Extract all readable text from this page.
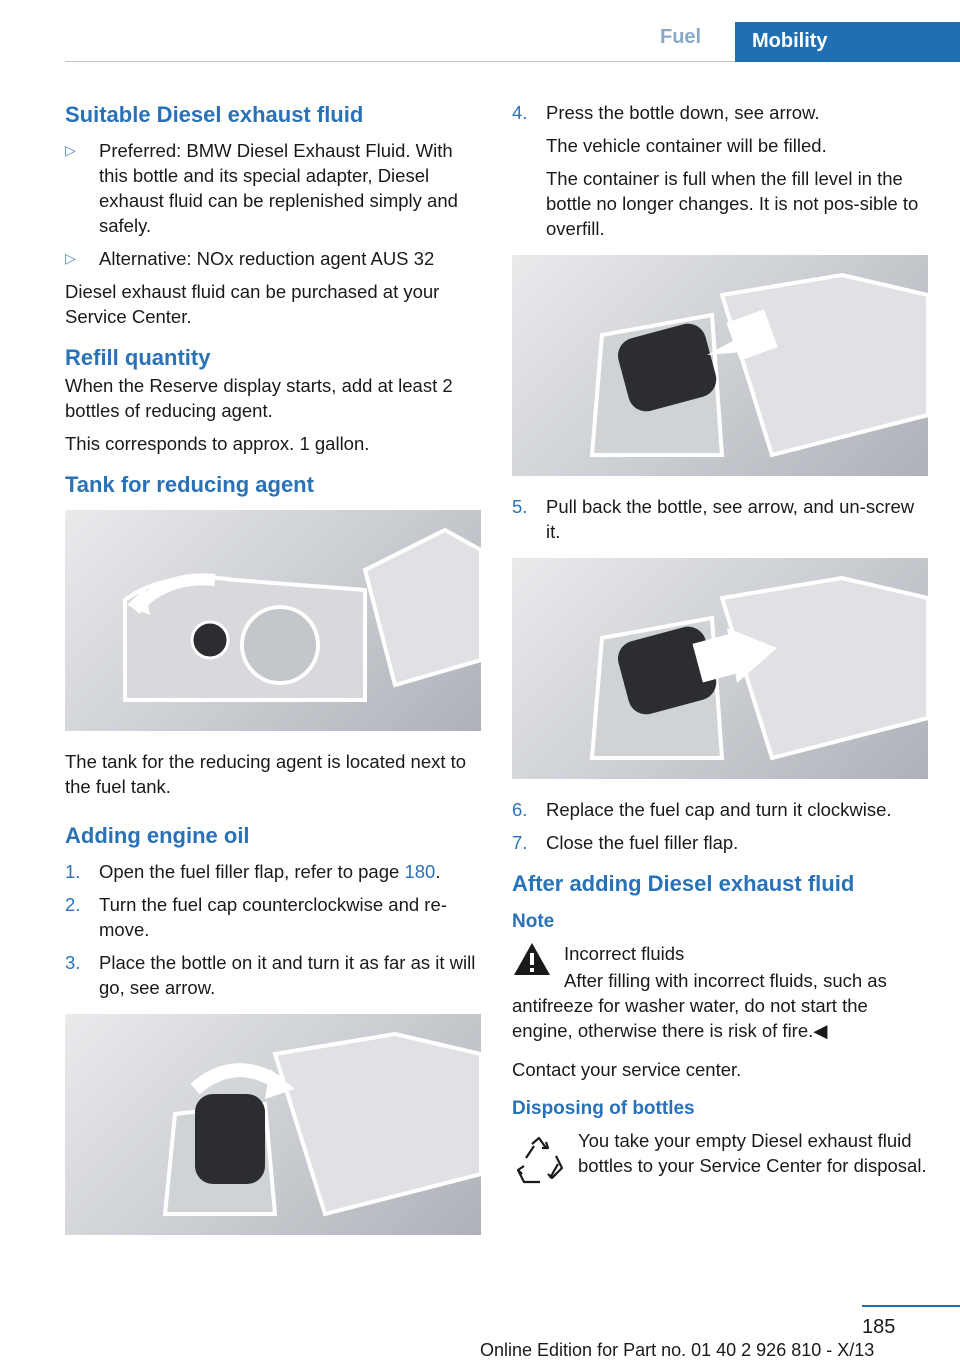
Fuel	Mobility
Suitable Diesel exhaust fluid
▷	Preferred: BMW Diesel Exhaust Fluid. With this bottle and its special adapter, Diesel exhaust fluid can be replenished simply and safely.
▷	Alternative: NOx reduction agent AUS 32

Diesel exhaust fluid can be purchased at your Service Center.

Refill quantity

When the Reserve display starts, add at least 2 bottles of reducing agent.

This corresponds to approx. 1 gallon.

Tank for reducing agent

The tank for the reducing agent is located next to the fuel tank.

Adding engine oil
1.	Open the fuel filler flap, refer to page 180.
2.	Turn the fuel cap counterclockwise and re‐move.
3.	Place the bottle on it and turn it as far as it will go, see arrow.
4.	Press the bottle down, see arrow.

The vehicle container will be filled.

The container is full when the fill level in the bottle no longer changes. It is not pos‐sible to overfill.

5.	Pull back the bottle, see arrow, and un‐screw it.
6.	Replace the fuel cap and turn it clockwise.
7.	Close the fuel filler flap.
After adding Diesel exhaust fluid
Note

Incorrect fluids

After filling with incorrect fluids, such as

antifreeze for washer water, do not start the engine, otherwise there is risk of fire.◀

Contact your service center.

Disposing of bottles

You take your empty Diesel exhaust fluid bottles to your Service Center for disposal.

185
Online Edition for Part no. 01 40 2 926 810 - X/13
